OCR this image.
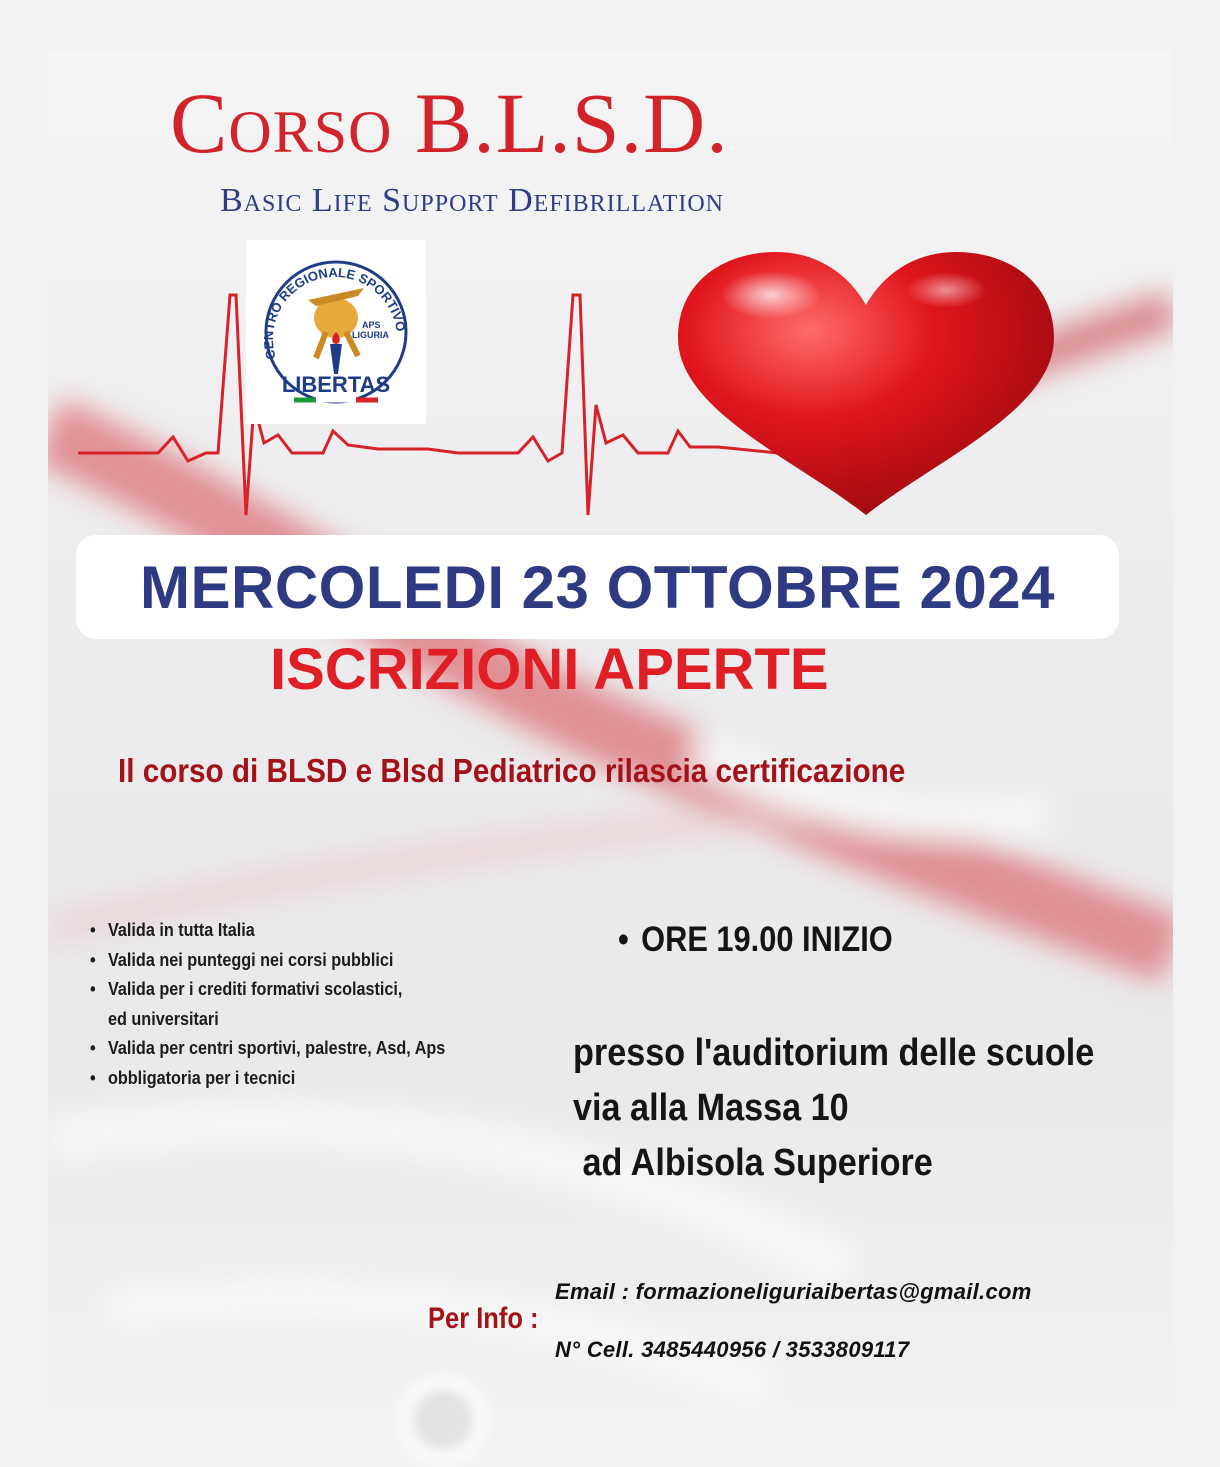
Corso B.L.S.D.
Basic Life Support Defibrillation
CENTRO REGIONALE SPORTIVO
APS
LIGURIA
LIBERTAS
MERCOLEDI 23 OTTOBRE 2024
ISCRIZIONI APERTE
Il corso di BLSD e Blsd Pediatrico rilascia certificazione
• Valida in tutta Italia
• Valida nei punteggi nei corsi pubblici
• Valida per i crediti formativi scolastici,
ed universitari
• Valida per centri sportivi, palestre, Asd, Aps
• obbligatoria per i tecnici
• ORE 19.00 INIZIO
presso l'auditorium delle scuole
via alla Massa 10
ad Albisola Superiore
Per Info :
Email : formazioneliguriaibertas@gmail.com
N° Cell. 3485440956 / 3533809117
